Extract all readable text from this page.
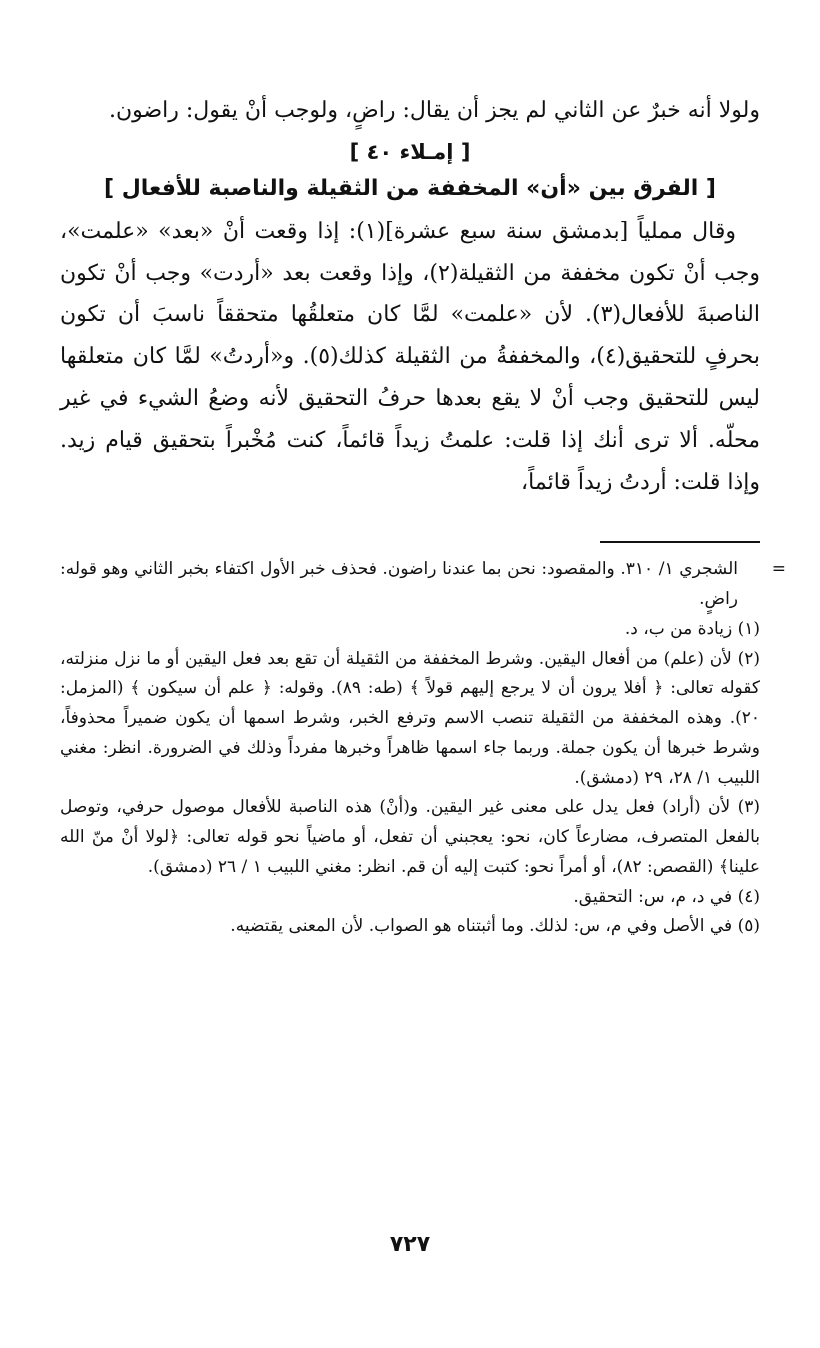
ولولا أنه خبرٌ عن الثاني لم يجز أن يقال: راضٍ، ولوجب أنْ يقول: راضون.

[ إمـلاء ٤٠ ]
[ الفرق بين «أن» المخففة من الثقيلة والناصبة للأفعال ]

وقال مملياً [بدمشق سنة سبع عشرة](١): إذا وقعت أنْ «بعد» «علمت»، وجب أنْ تكون مخففة من الثقيلة(٢)، وإذا وقعت بعد «أردت» وجب أنْ تكون الناصبةَ للأفعال(٣). لأن «علمت» لمَّا كان متعلقُها متحققاً ناسبَ أن تكون بحرفٍ للتحقيق(٤)، والمخففةُ من الثقيلة كذلك(٥). و«أردتُ» لمَّا كان متعلقها ليس للتحقيق وجب أنْ لا يقع بعدها حرفُ التحقيق لأنه وضعُ الشيء في غير محلّه. ألا ترى أنك إذا قلت: علمتُ زيداً قائماً، كنت مُخْبراً بتحقيق قيام زيد. وإذا قلت: أردتُ زيداً قائماً،

=
الشجري ١/ ٣١٠. والمقصود: نحن بما عندنا راضون. فحذف خبر الأول اكتفاء بخبر الثاني وهو قوله: راضٍ.

(١) زيادة من ب، د.

(٢) لأن (علم) من أفعال اليقين. وشرط المخففة من الثقيلة أن تقع بعد فعل اليقين أو ما نزل منزلته، كقوله تعالى: ﴿ أفلا يرون أن لا يرجع إليهم قولاً ﴾ (طه: ٨٩). وقوله: ﴿ علم أن سيكون ﴾ (المزمل: ٢٠). وهذه المخففة من الثقيلة تنصب الاسم وترفع الخبر، وشرط اسمها أن يكون ضميراً محذوفاً، وشرط خبرها أن يكون جملة. وربما جاء اسمها ظاهراً وخبرها مفرداً وذلك في الضرورة. انظر: مغني اللبيب ١/ ٢٨، ٢٩ (دمشق).

(٣) لأن (أراد) فعل يدل على معنى غير اليقين. و(أنْ) هذه الناصبة للأفعال موصول حرفي، وتوصل بالفعل المتصرف، مضارعاً كان، نحو: يعجبني أن تفعل، أو ماضياً نحو قوله تعالى: ﴿لولا أنْ منّ الله علينا﴾ (القصص: ٨٢)، أو أمراً نحو: كتبت إليه أن قم. انظر: مغني اللبيب ١ / ٢٦ (دمشق).

(٤) في د، م، س: التحقيق.

(٥) في الأصل وفي م، س: لذلك. وما أثبتناه هو الصواب. لأن المعنى يقتضيه.

٧٢٧
